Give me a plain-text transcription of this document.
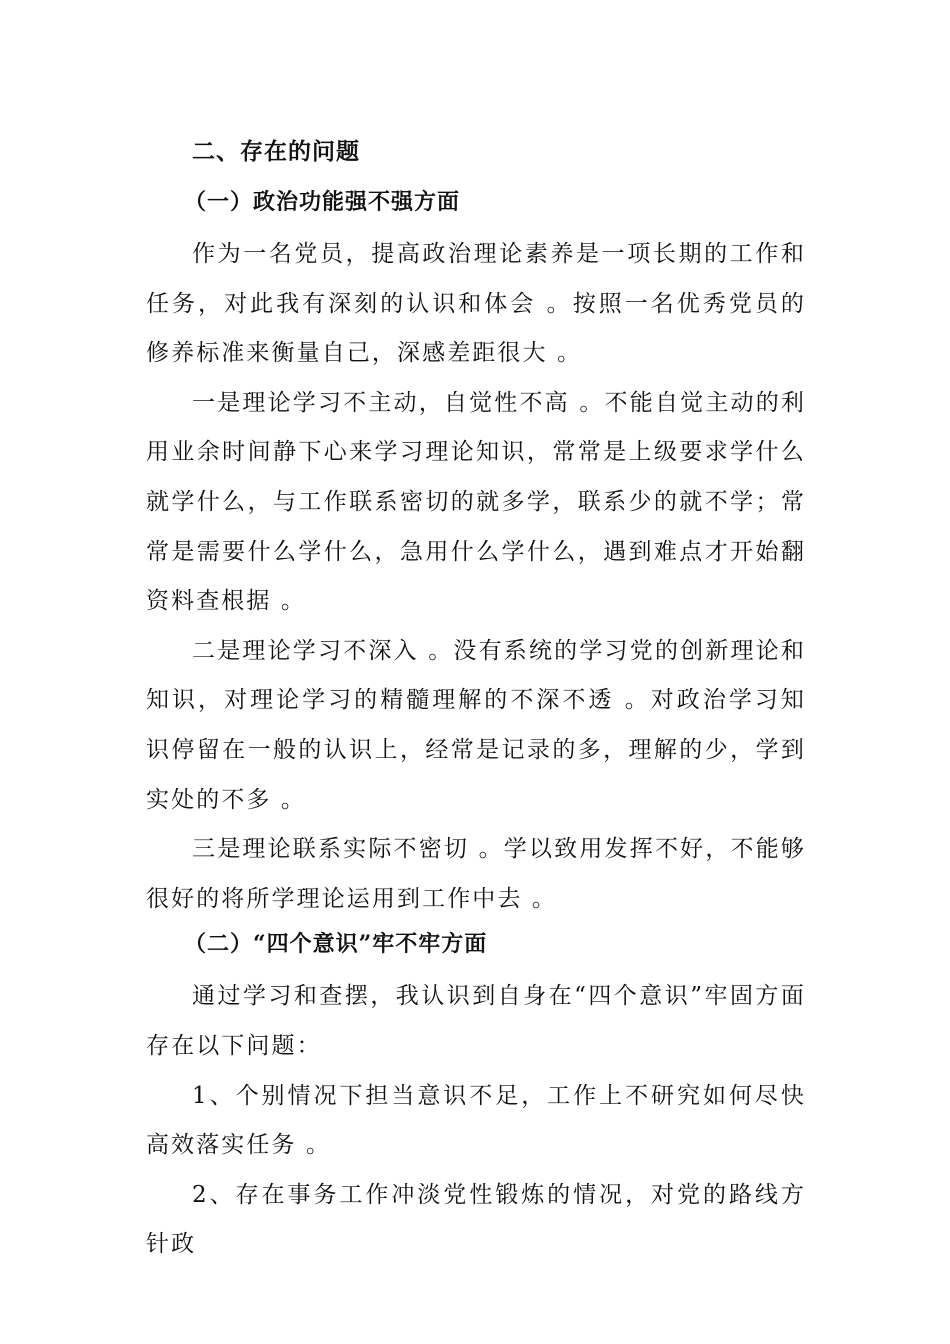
二、存在的问题
（一）政治功能强不强方面

作为一名党员，提高政治理论素养是一项长期的工作和任务，对此我有深刻的认识和体会 。按照一名优秀党员的修养标准来衡量自己，深感差距很大 。

一是理论学习不主动，自觉性不高 。不能自觉主动的利用业余时间静下心来学习理论知识，常常是上级要求学什么就学什么，与工作联系密切的就多学，联系少的就不学；常常是需要什么学什么，急用什么学什么，遇到难点才开始翻资料查根据 。

二是理论学习不深入 。没有系统的学习党的创新理论和知识，对理论学习的精髓理解的不深不透 。对政治学习知识停留在一般的认识上，经常是记录的多，理解的少，学到实处的不多 。

三是理论联系实际不密切 。学以致用发挥不好，不能够很好的将所学理论运用到工作中去 。

（二）“四个意识”牢不牢方面

通过学习和查摆，我认识到自身在“四个意识”牢固方面存在以下问题：

1、个别情况下担当意识不足，工作上不研究如何尽快高效落实任务 。

2、存在事务工作冲淡党性锻炼的情况，对党的路线方针政
